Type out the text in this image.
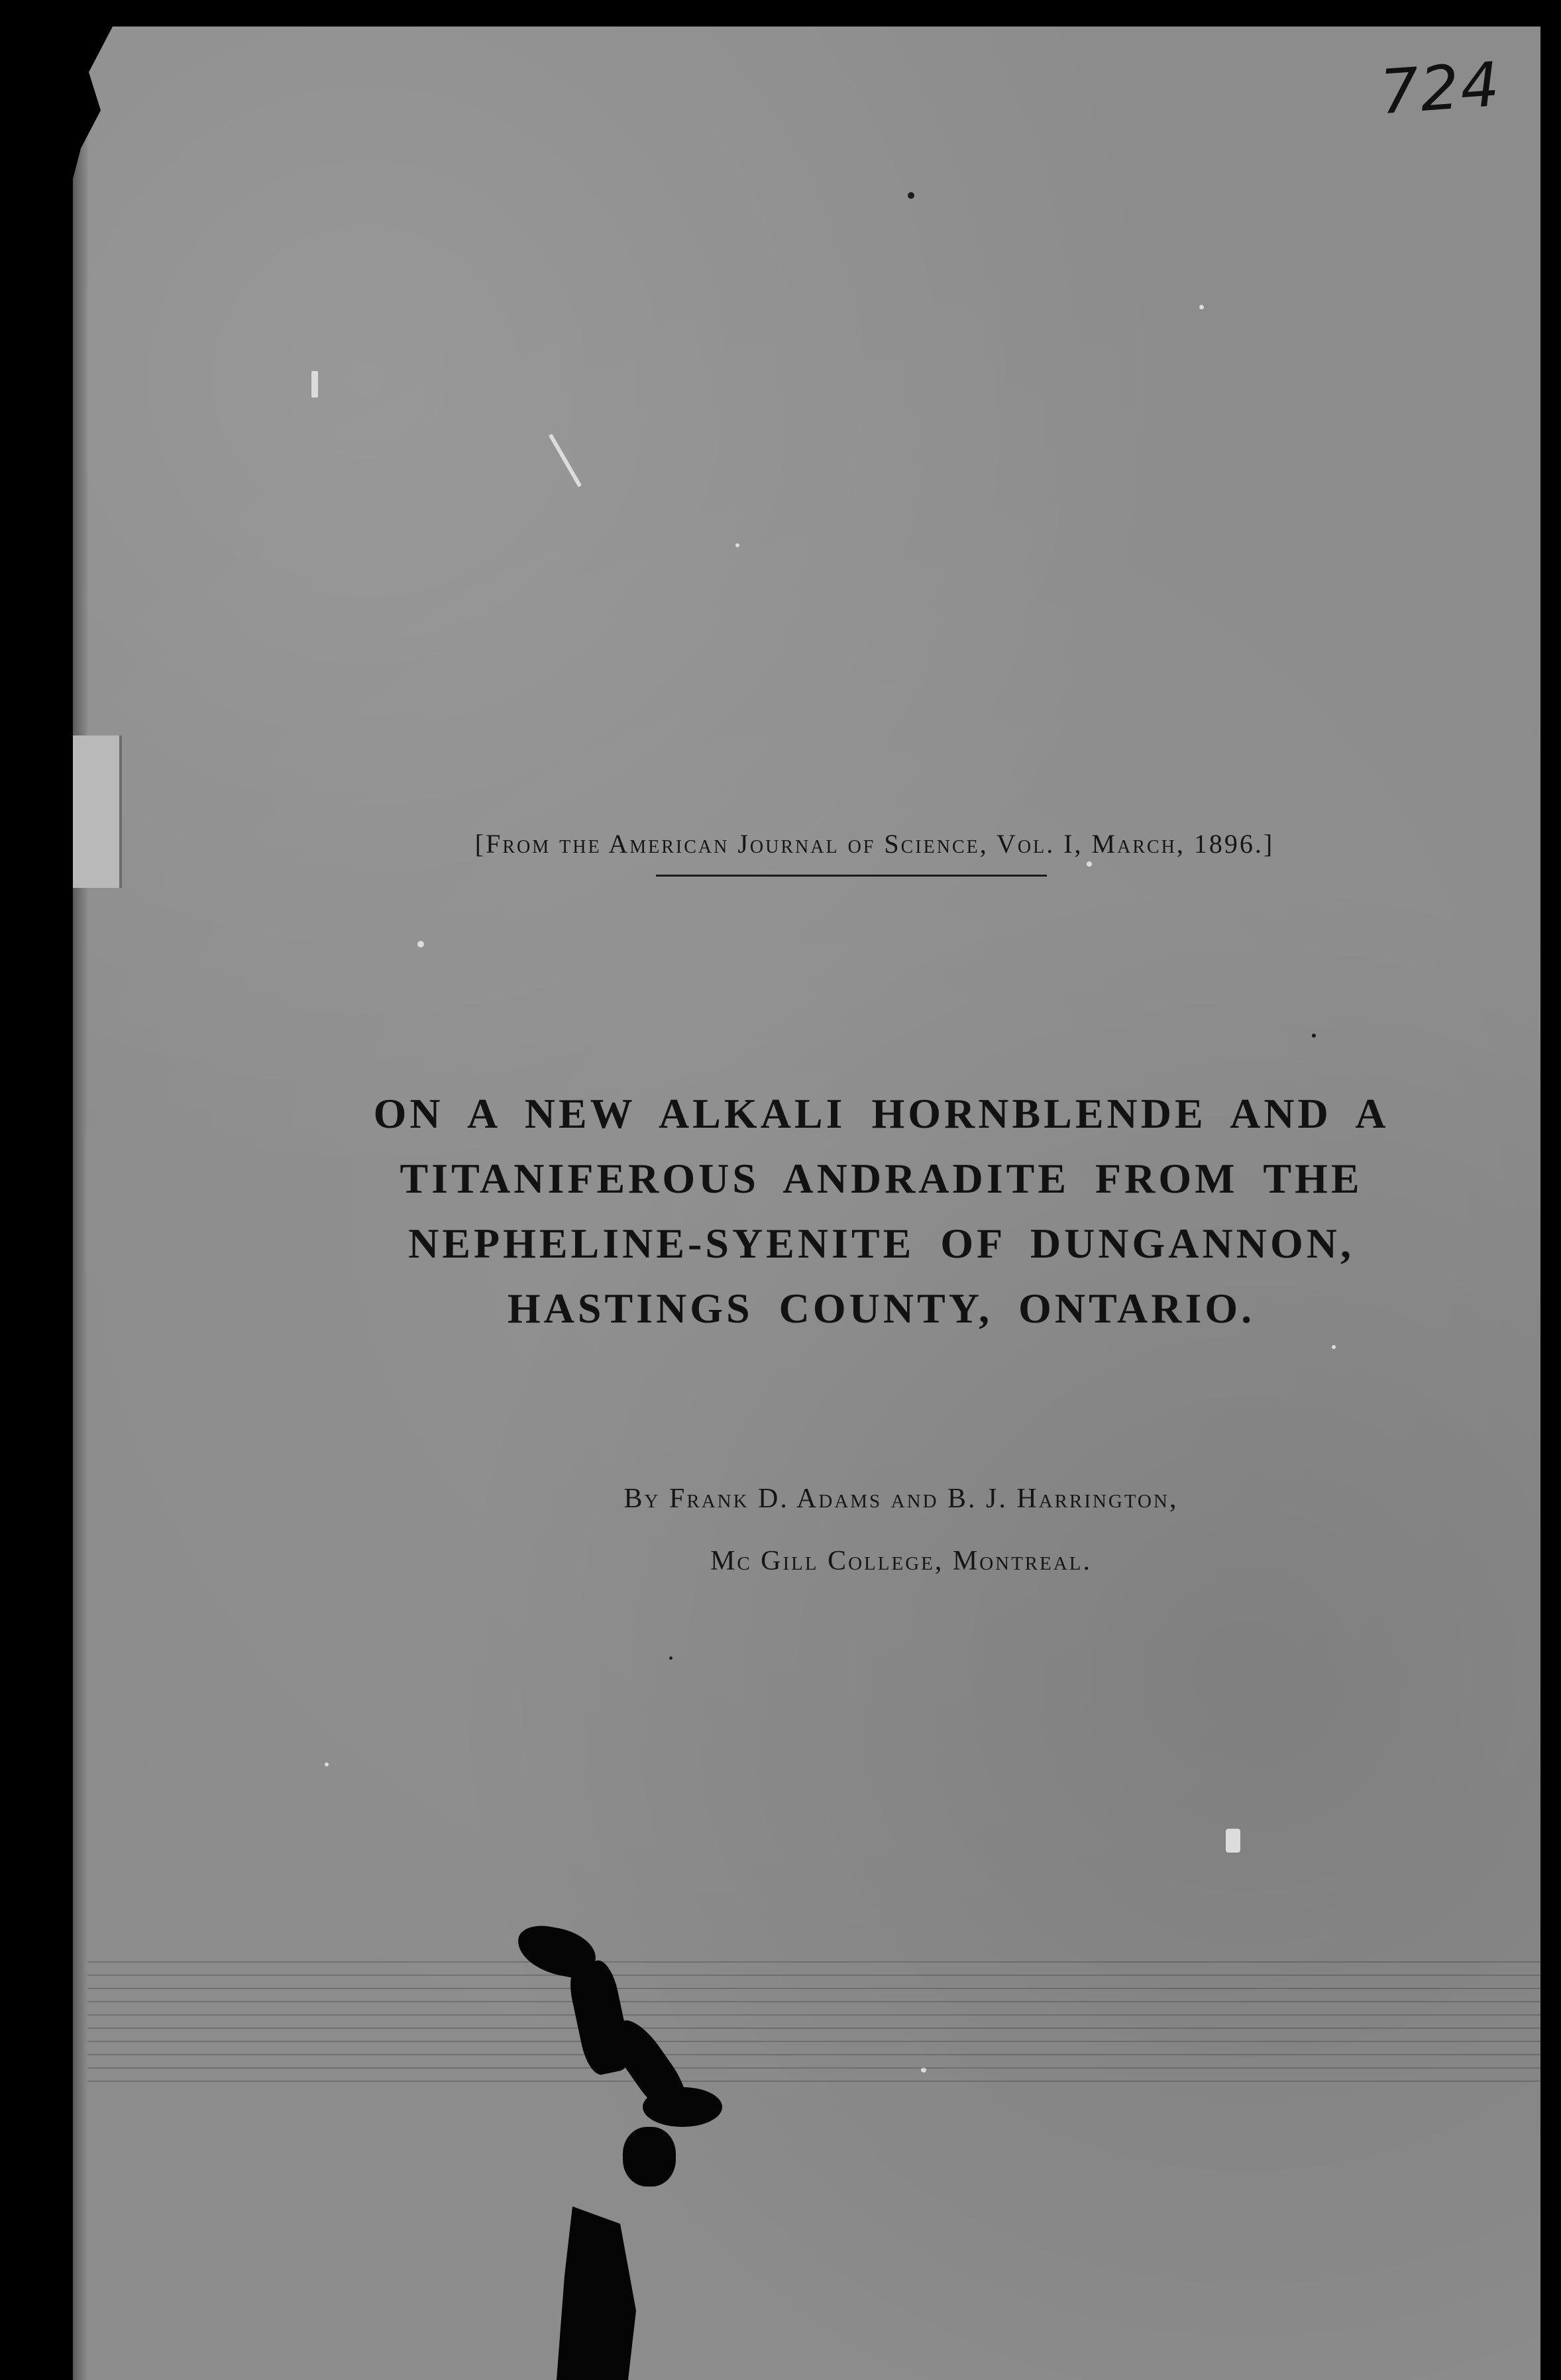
724
[From the American Journal of Science, Vol. I, March, 1896.]
ON A NEW ALKALI HORNBLENDE AND A
TITANIFEROUS ANDRADITE FROM THE
NEPHELINE-SYENITE OF DUNGANNON,
HASTINGS COUNTY, ONTARIO.
By Frank D. Adams and B. J. Harrington,
Mc Gill College, Montreal.
